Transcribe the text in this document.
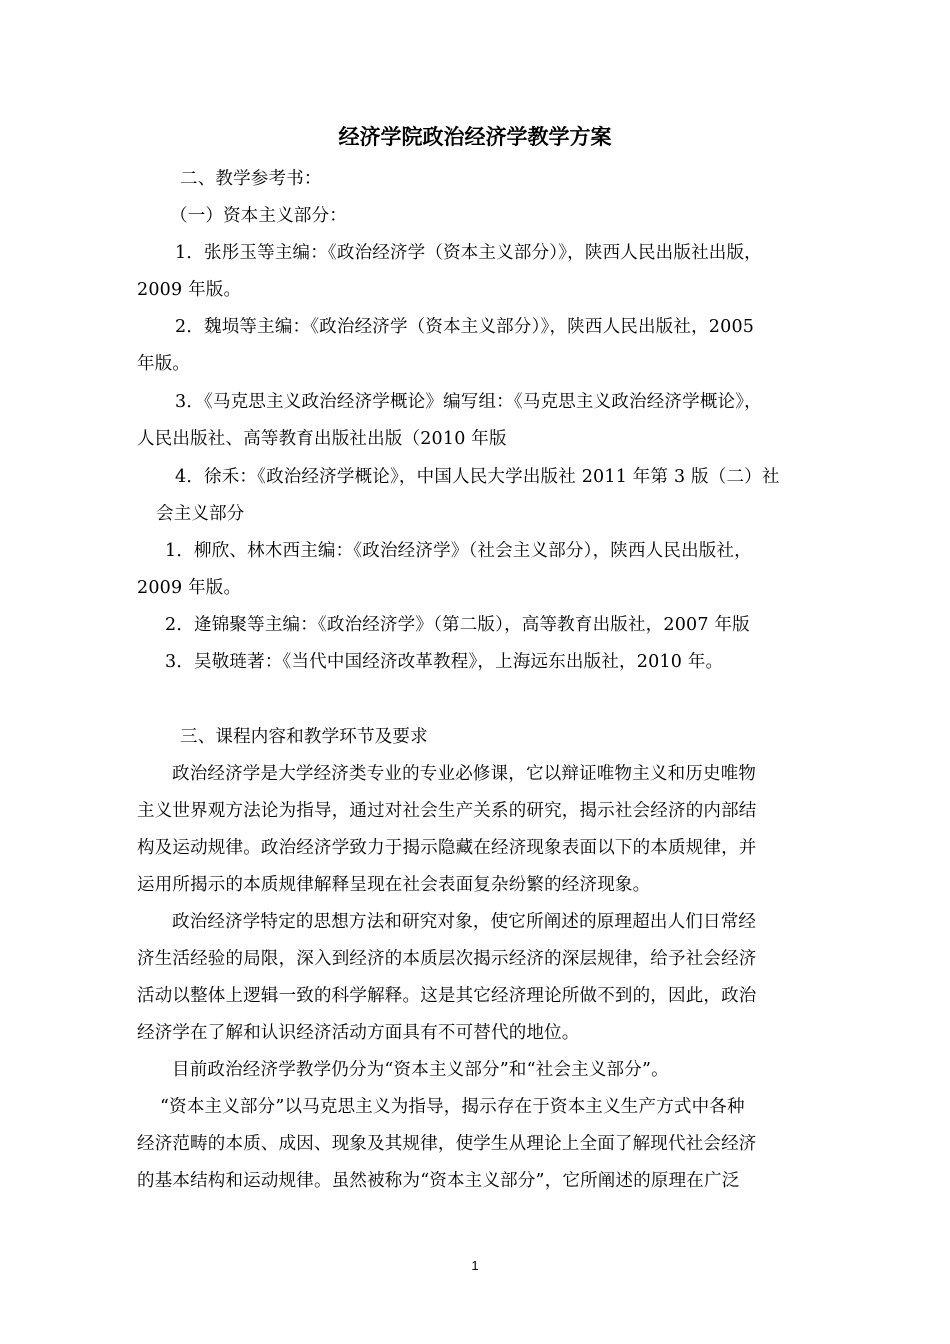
经济学院政治经济学教学方案
二、教学参考书：
（一）资本主义部分：
1．张彤玉等主编：《政治经济学（资本主义部分）》，陕西人民出版社出版，
2009 年版。
2．魏埙等主编：《政治经济学（资本主义部分）》，陕西人民出版社，2005
年版。
3．《马克思主义政治经济学概论》编写组：《马克思主义政治经济学概论》，
人民出版社、高等教育出版社出版（2010 年版
4．徐禾：《政治经济学概论》，中国人民大学出版社 2011 年第 3 版（二）社
会主义部分
1．柳欣、林木西主编：《政治经济学》（社会主义部分），陕西人民出版社，
2009 年版。
2．逄锦聚等主编：《政治经济学》（第二版），高等教育出版社，2007 年版
3．吴敬琏著：《当代中国经济改革教程》，上海远东出版社，2010 年。
三、课程内容和教学环节及要求
政治经济学是大学经济类专业的专业必修课，它以辩证唯物主义和历史唯物
主义世界观方法论为指导，通过对社会生产关系的研究，揭示社会经济的内部结
构及运动规律。政治经济学致力于揭示隐藏在经济现象表面以下的本质规律，并
运用所揭示的本质规律解释呈现在社会表面复杂纷繁的经济现象。
政治经济学特定的思想方法和研究对象，使它所阐述的原理超出人们日常经
济生活经验的局限，深入到经济的本质层次揭示经济的深层规律，给予社会经济
活动以整体上逻辑一致的科学解释。这是其它经济理论所做不到的，因此，政治
经济学在了解和认识经济活动方面具有不可替代的地位。
目前政治经济学教学仍分为“资本主义部分”和“社会主义部分”。
“资本主义部分”以马克思主义为指导，揭示存在于资本主义生产方式中各种
经济范畴的本质、成因、现象及其规律，使学生从理论上全面了解现代社会经济
的基本结构和运动规律。虽然被称为“资本主义部分”，它所阐述的原理在广泛
1
